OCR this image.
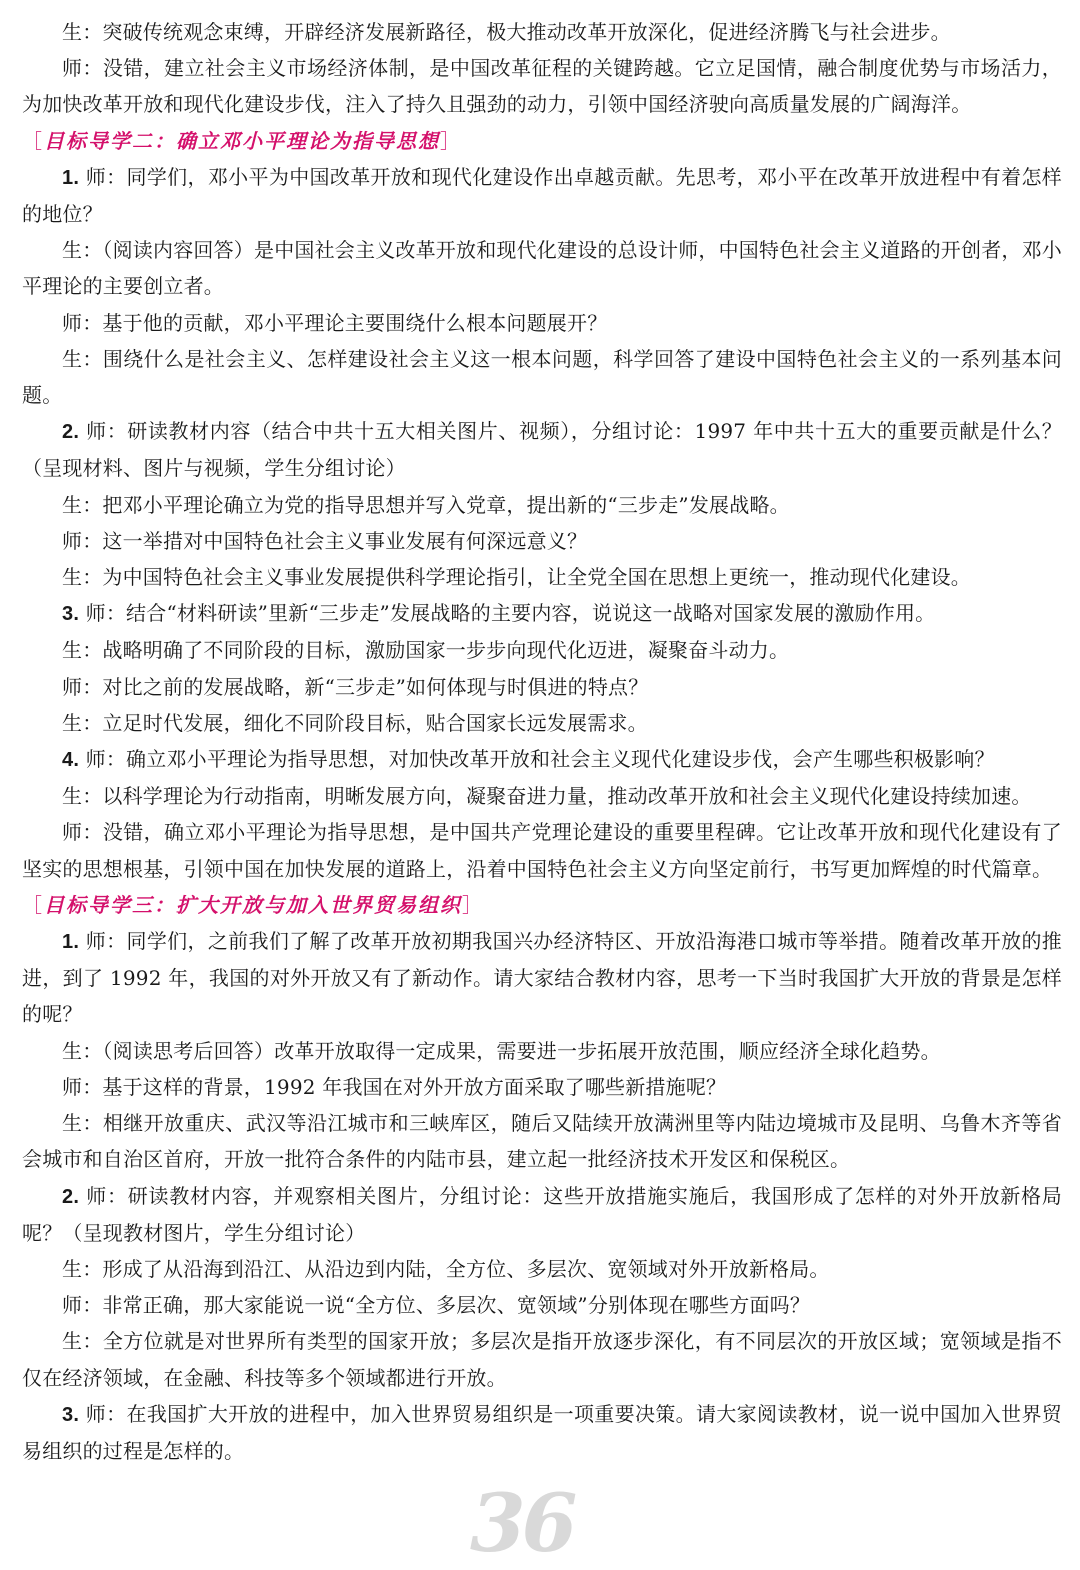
36

生：突破传统观念束缚，开辟经济发展新路径，极大推动改革开放深化，促进经济腾飞与社会进步。

师：没错，建立社会主义市场经济体制，是中国改革征程的关键跨越。它立足国情，融合制度优势与市场活力，为加快改革开放和现代化建设步伐，注入了持久且强劲的动力，引领中国经济驶向高质量发展的广阔海洋。

［目标导学二：确立邓小平理论为指导思想］

1. 师：同学们，邓小平为中国改革开放和现代化建设作出卓越贡献。先思考，邓小平在改革开放进程中有着怎样的地位？

生：（阅读内容回答）是中国社会主义改革开放和现代化建设的总设计师，中国特色社会主义道路的开创者，邓小平理论的主要创立者。

师：基于他的贡献，邓小平理论主要围绕什么根本问题展开？

生：围绕什么是社会主义、怎样建设社会主义这一根本问题，科学回答了建设中国特色社会主义的一系列基本问题。

2. 师：研读教材内容（结合中共十五大相关图片、视频），分组讨论：1997 年中共十五大的重要贡献是什么？（呈现材料、图片与视频，学生分组讨论）

生：把邓小平理论确立为党的指导思想并写入党章，提出新的“三步走”发展战略。

师：这一举措对中国特色社会主义事业发展有何深远意义？

生：为中国特色社会主义事业发展提供科学理论指引，让全党全国在思想上更统一，推动现代化建设。

3. 师：结合“材料研读”里新“三步走”发展战略的主要内容，说说这一战略对国家发展的激励作用。

生：战略明确了不同阶段的目标，激励国家一步步向现代化迈进，凝聚奋斗动力。

师：对比之前的发展战略，新“三步走”如何体现与时俱进的特点？

生：立足时代发展，细化不同阶段目标，贴合国家长远发展需求。

4. 师：确立邓小平理论为指导思想，对加快改革开放和社会主义现代化建设步伐，会产生哪些积极影响？

生：以科学理论为行动指南，明晰发展方向，凝聚奋进力量，推动改革开放和社会主义现代化建设持续加速。

师：没错，确立邓小平理论为指导思想，是中国共产党理论建设的重要里程碑。它让改革开放和现代化建设有了坚实的思想根基，引领中国在加快发展的道路上，沿着中国特色社会主义方向坚定前行，书写更加辉煌的时代篇章。

［目标导学三：扩大开放与加入世界贸易组织］

1. 师：同学们，之前我们了解了改革开放初期我国兴办经济特区、开放沿海港口城市等举措。随着改革开放的推进，到了 1992 年，我国的对外开放又有了新动作。请大家结合教材内容，思考一下当时我国扩大开放的背景是怎样的呢？

生：（阅读思考后回答）改革开放取得一定成果，需要进一步拓展开放范围，顺应经济全球化趋势。

师：基于这样的背景，1992 年我国在对外开放方面采取了哪些新措施呢？

生：相继开放重庆、武汉等沿江城市和三峡库区，随后又陆续开放满洲里等内陆边境城市及昆明、乌鲁木齐等省会城市和自治区首府，开放一批符合条件的内陆市县，建立起一批经济技术开发区和保税区。

2. 师：研读教材内容，并观察相关图片，分组讨论：这些开放措施实施后，我国形成了怎样的对外开放新格局呢？（呈现教材图片，学生分组讨论）

生：形成了从沿海到沿江、从沿边到内陆，全方位、多层次、宽领域对外开放新格局。

师：非常正确，那大家能说一说“全方位、多层次、宽领域”分别体现在哪些方面吗？

生：全方位就是对世界所有类型的国家开放；多层次是指开放逐步深化，有不同层次的开放区域；宽领域是指不仅在经济领域，在金融、科技等多个领域都进行开放。

3. 师：在我国扩大开放的进程中，加入世界贸易组织是一项重要决策。请大家阅读教材，说一说中国加入世界贸易组织的过程是怎样的。
